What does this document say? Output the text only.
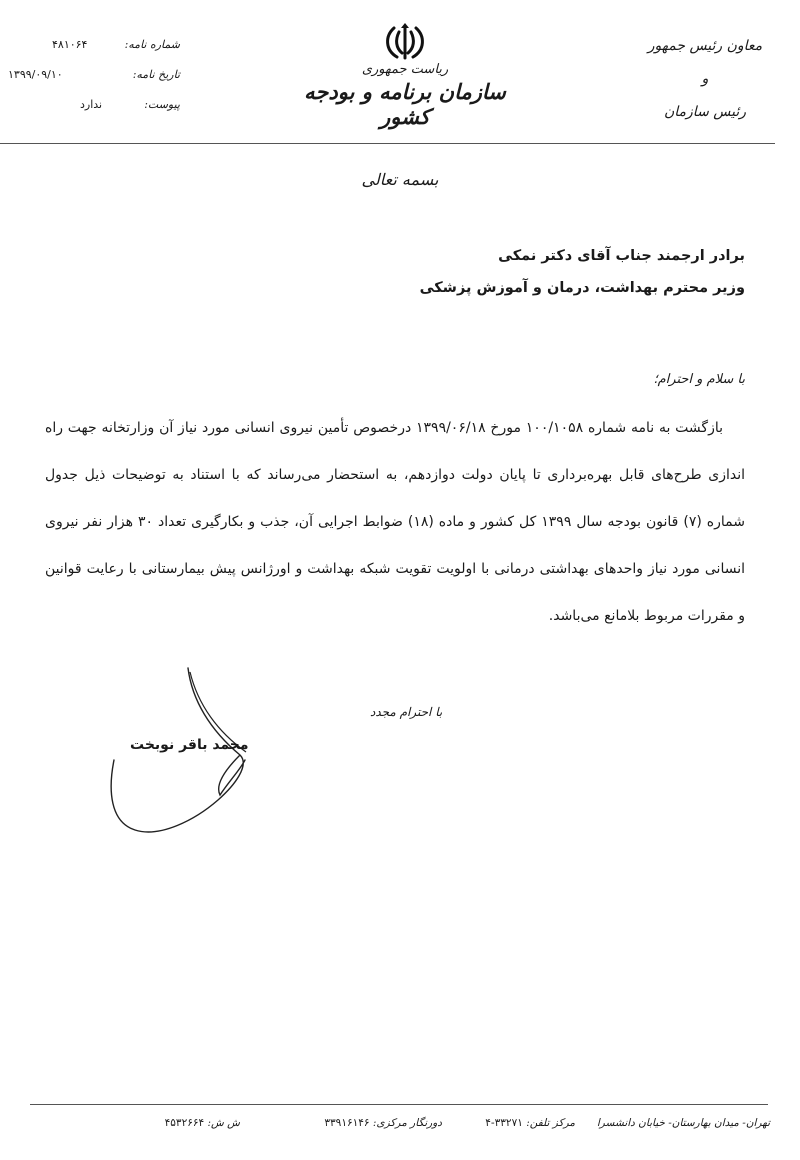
معاون رئیس جمهور
و
رئیس سازمان
ریاست جمهوری
سازمان برنامه و بودجه کشور
شماره نامه:
۴۸۱۰۶۴
تاریخ نامه:
۱۳۹۹/۰۹/۱۰
پیوست:
ندارد
بسمه تعالی
برادر ارجمند جناب آقای دکتر نمکی
وزیر محترم بهداشت، درمان و آموزش پزشکی
با سلام و احترام؛
بازگشت به نامه شماره ۱۰۰/۱۰۵۸ مورخ ۱۳۹۹/۰۶/۱۸ درخصوص تأمین نیروی انسانی مورد نیاز آن وزارتخانه جهت راه اندازی طرح‌های قابل بهره‌برداری تا پایان دولت دوازدهم، به استحضار می‌رساند که با استناد به توضیحات ذیل جدول شماره (۷) قانون بودجه سال ۱۳۹۹ کل کشور و ماده (۱۸) ضوابط اجرایی آن، جذب و بکارگیری تعداد ۳۰ هزار نفر نیروی انسانی مورد نیاز واحدهای بهداشتی درمانی با اولویت تقویت شبکه بهداشت و اورژانس پیش بیمارستانی با رعایت قوانین و مقررات مربوط بلامانع می‌باشد.
با احترام مجدد
محمد باقر نوبخت
تهران- میدان بهارستان- خیابان دانشسرا
مرکز تلفن: ۳۳۲۷۱-۴
دورنگار مرکزی: ۳۳۹۱۶۱۴۶
ش ش: ۴۵۳۲۶۶۴
